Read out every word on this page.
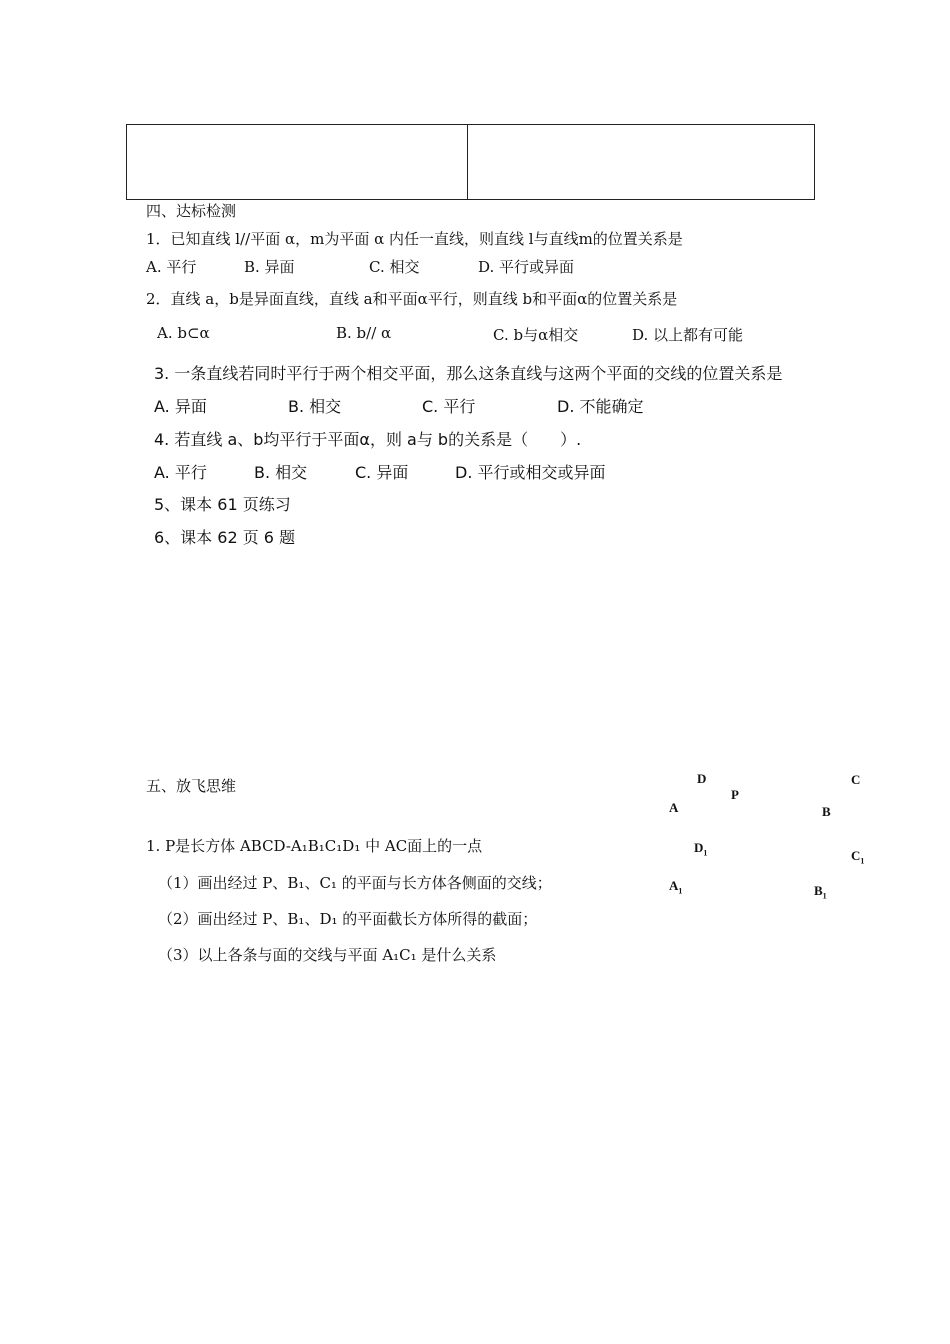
四、达标检测
1．已知直线 l//平面 α，m为平面 α 内任一直线，则直线 l与直线m的位置关系是
A. 平行	B. 异面	C. 相交	D. 平行或异面
2．直线 a，b是异面直线，直线 a和平面α平行，则直线 b和平面α的位置关系是
A. b⊂α	B. b// α	C. b与α相交	D. 以上都有可能
3. 一条直线若同时平行于两个相交平面，那么这条直线与这两个平面的交线的位置关系是
A. 异面	B. 相交	C. 平行	D. 不能确定
4. 若直线 a、b均平行于平面α，则 a与 b的关系是（　　）.
A. 平行	B. 相交	C. 异面	D. 平行或相交或异面
5、课本 61 页练习
6、课本 62 页 6 题
五、放飞思维
1. P是长方体 ABCD-A₁B₁C₁D₁ 中 AC面上的一点
（1）画出经过 P、B₁、C₁ 的平面与长方体各侧面的交线；
（2）画出经过 P、B₁、D₁ 的平面截长方体所得的截面；
（3）以上各条与面的交线与平面 A₁C₁ 是什么关系
D	C
P
A	B
$D_1$	$C_1$
$A_1$	$B_1$
